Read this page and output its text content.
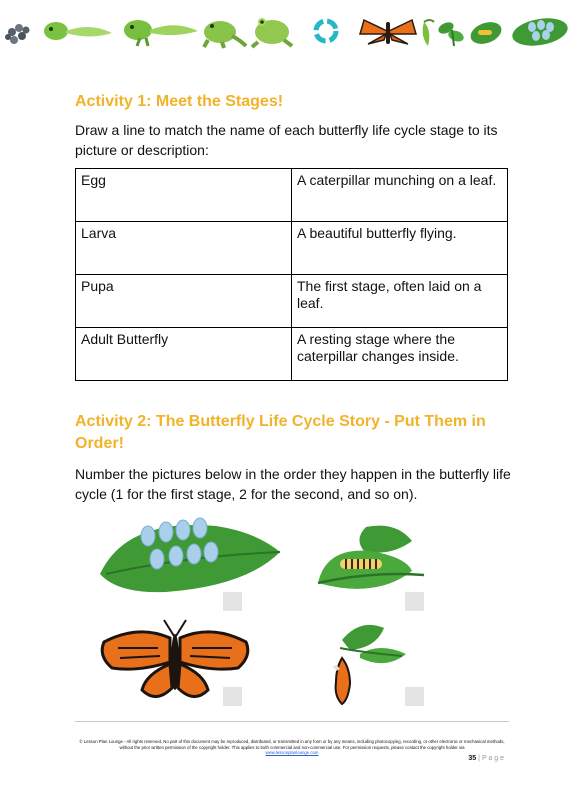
Activity 1: Meet the Stages!

Draw a line to match the name of each butterfly life cycle stage to its picture or description:

Egg	A caterpillar munching on a leaf.
Larva	A beautiful butterfly flying.
Pupa	The first stage, often laid on a leaf.
Adult Butterfly	A resting stage where the caterpillar changes inside.
Activity 2: The Butterfly Life Cycle Story - Put Them in Order!

Number the pictures below in the order they happen in the butterfly life cycle (1 for the first stage, 2 for the second, and so on).

© Lesson Plan Lounge - All rights reserved. No part of this document may be reproduced, distributed, or transmitted in any form or by any means, including photocopying, recording, or other electronic or mechanical methods, without the prior written permission of the copyright holder. This applies to both commercial and non-commercial use. For permission requests, please contact the copyright holder via
www.lessonplanlounge.com
35 | P a g e
